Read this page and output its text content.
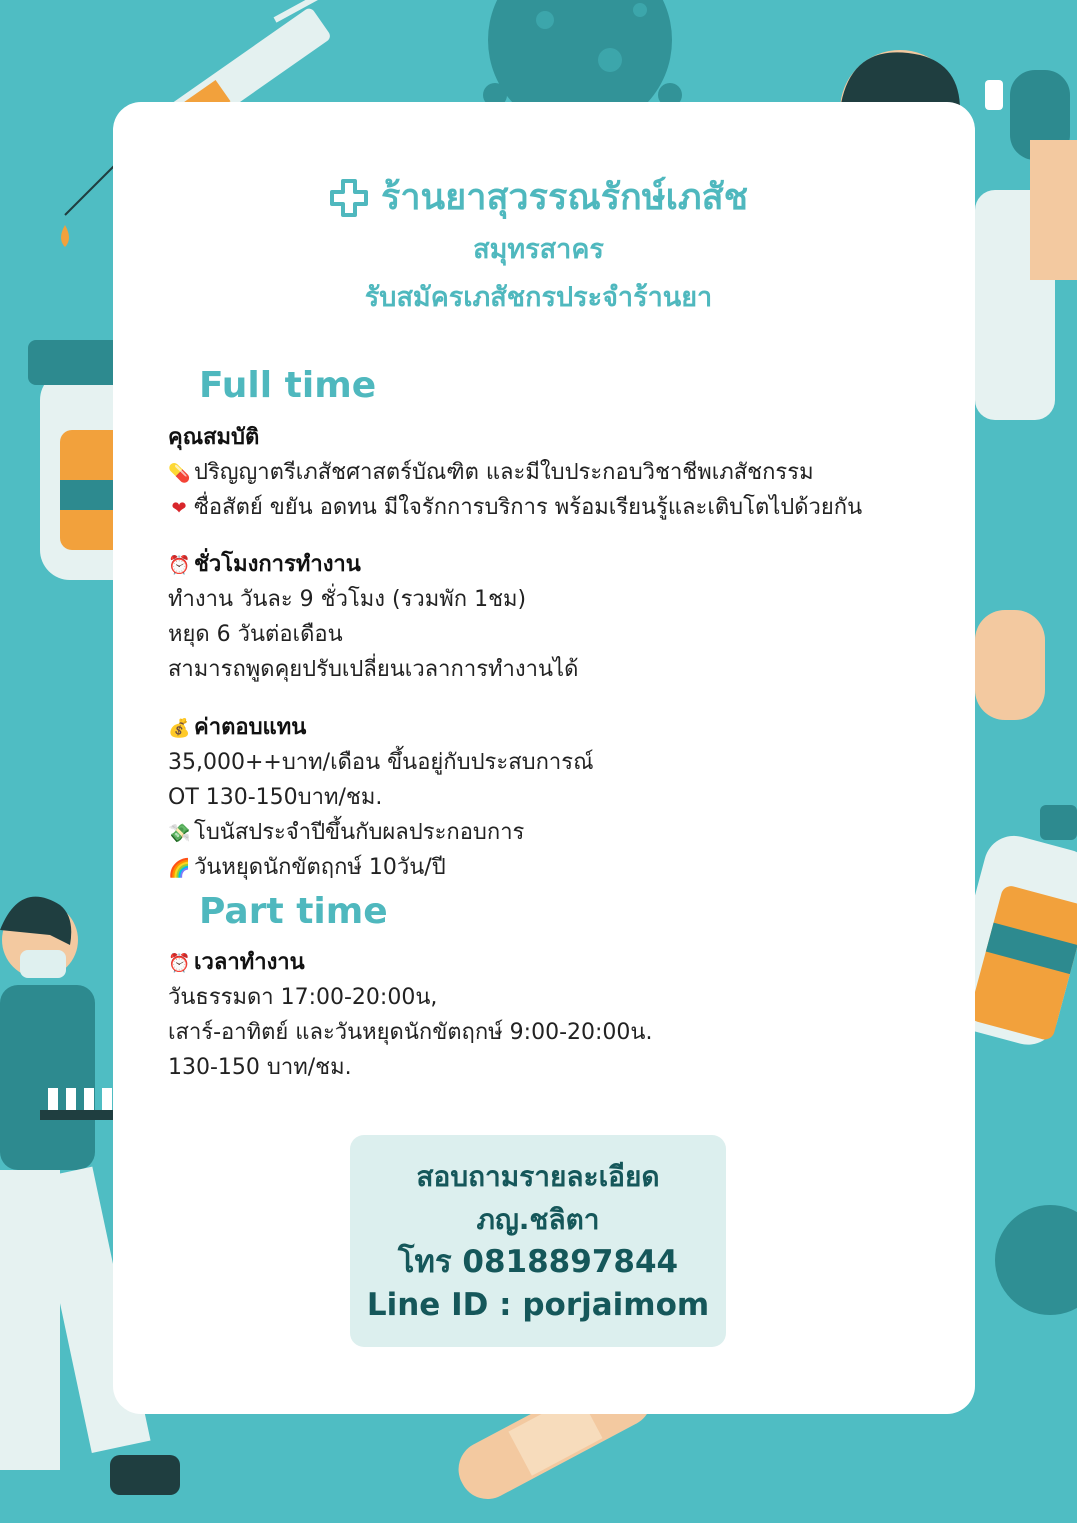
ร้านยาสุวรรณรักษ์เภสัช
สมุทรสาคร
รับสมัครเภสัชกรประจำร้านยา
Full time
คุณสมบัติ
💊 ปริญญาตรีเภสัชศาสตร์บัณฑิต และมีใบประกอบวิชาชีพเภสัชกรรม
❤ ซื่อสัตย์ ขยัน อดทน มีใจรักการบริการ พร้อมเรียนรู้และเติบโตไปด้วยกัน
⏰ ชั่วโมงการทำงาน
ทำงาน วันละ 9 ชั่วโมง (รวมพัก 1ชม)
หยุด 6 วันต่อเดือน
สามารถพูดคุยปรับเปลี่ยนเวลาการทำงานได้
💰 ค่าตอบแทน
35,000++บาท/เดือน ขึ้นอยู่กับประสบการณ์
OT 130-150บาท/ชม.
💸 โบนัสประจำปีขึ้นกับผลประกอบการ
🌈 วันหยุดนักขัตฤกษ์ 10วัน/ปี
Part time
⏰ เวลาทำงาน
วันธรรมดา 17:00-20:00น,
เสาร์-อาทิตย์ และวันหยุดนักขัตฤกษ์ 9:00-20:00น.
130-150 บาท/ชม.
สอบถามรายละเอียด
ภญ.ชลิตา
โทร 0818897844
Line ID : porjaimom
